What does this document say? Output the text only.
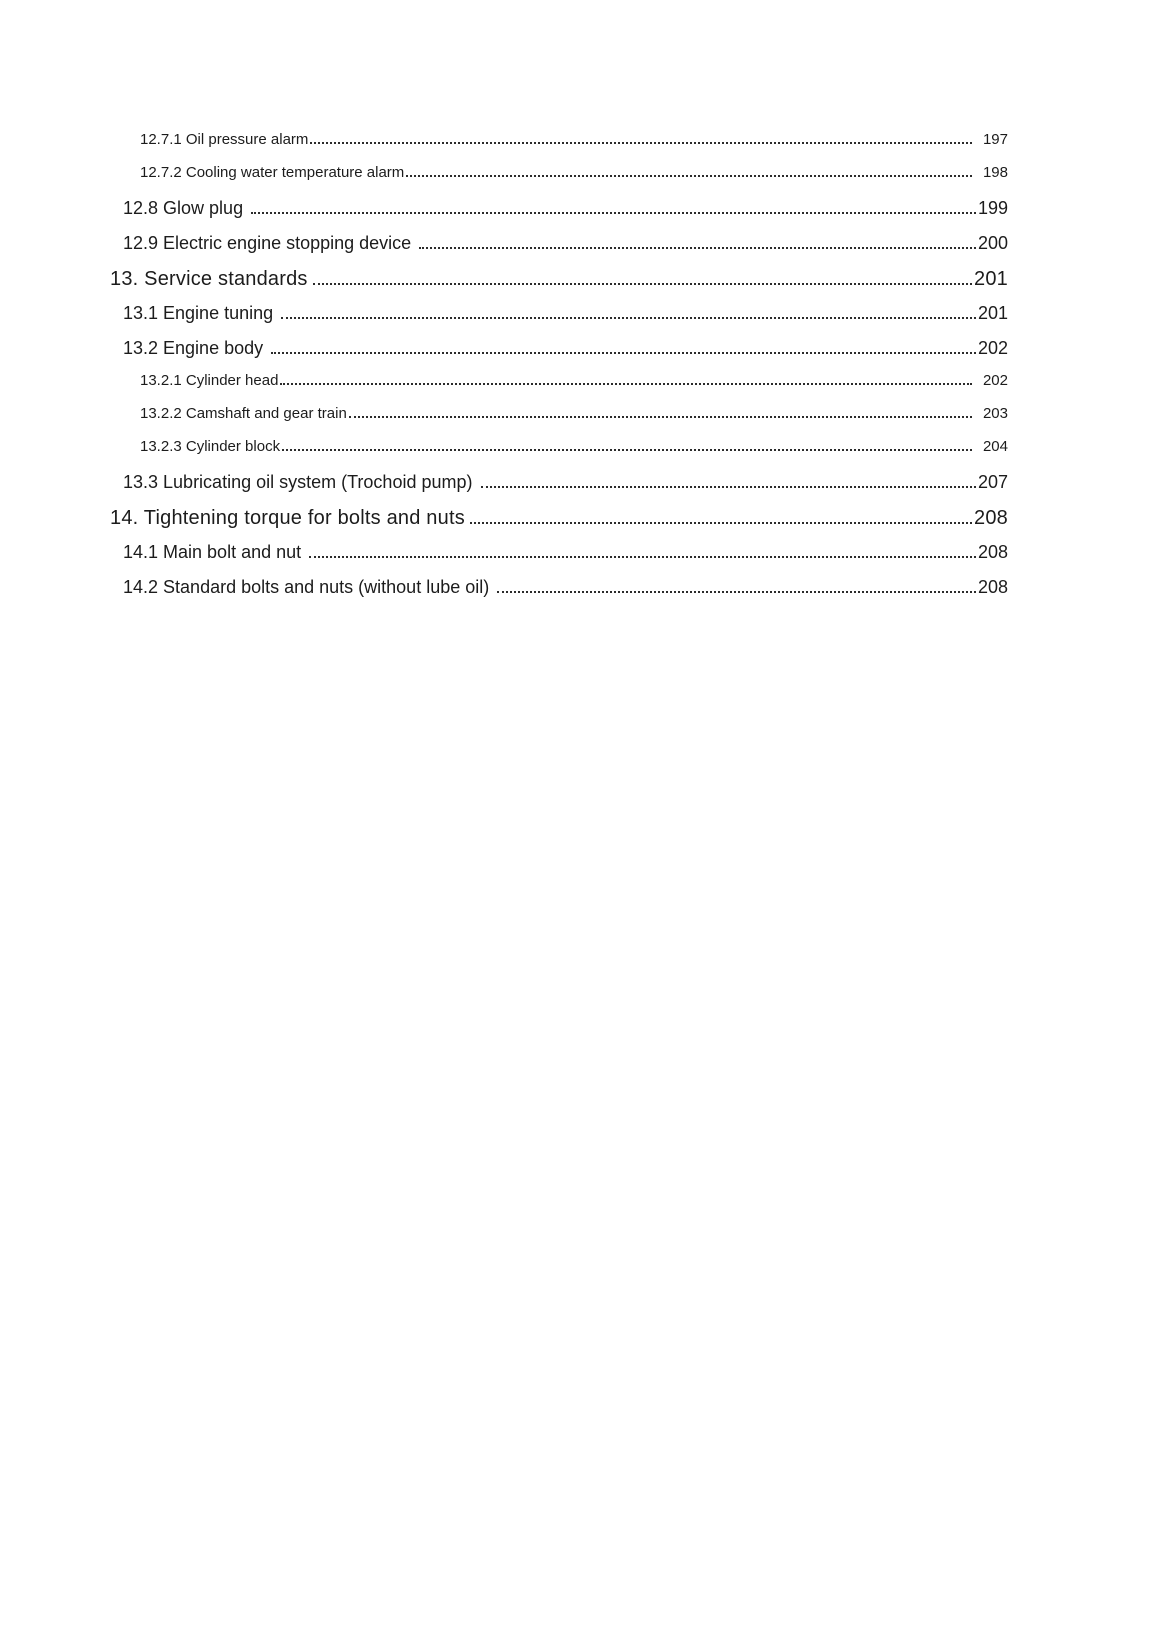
12.7.1 Oil pressure alarm	197
12.7.2 Cooling water temperature alarm	198
12.8 Glow plug	199
12.9 Electric engine stopping device	200
13. Service standards	201
13.1 Engine tuning	201
13.2 Engine body	202
13.2.1 Cylinder head	202
13.2.2 Camshaft and gear train	203
13.2.3 Cylinder block	204
13.3 Lubricating oil system (Trochoid pump)	207
14. Tightening torque for bolts and nuts	208
14.1 Main bolt and nut	208
14.2 Standard bolts and nuts (without lube oil)	208
